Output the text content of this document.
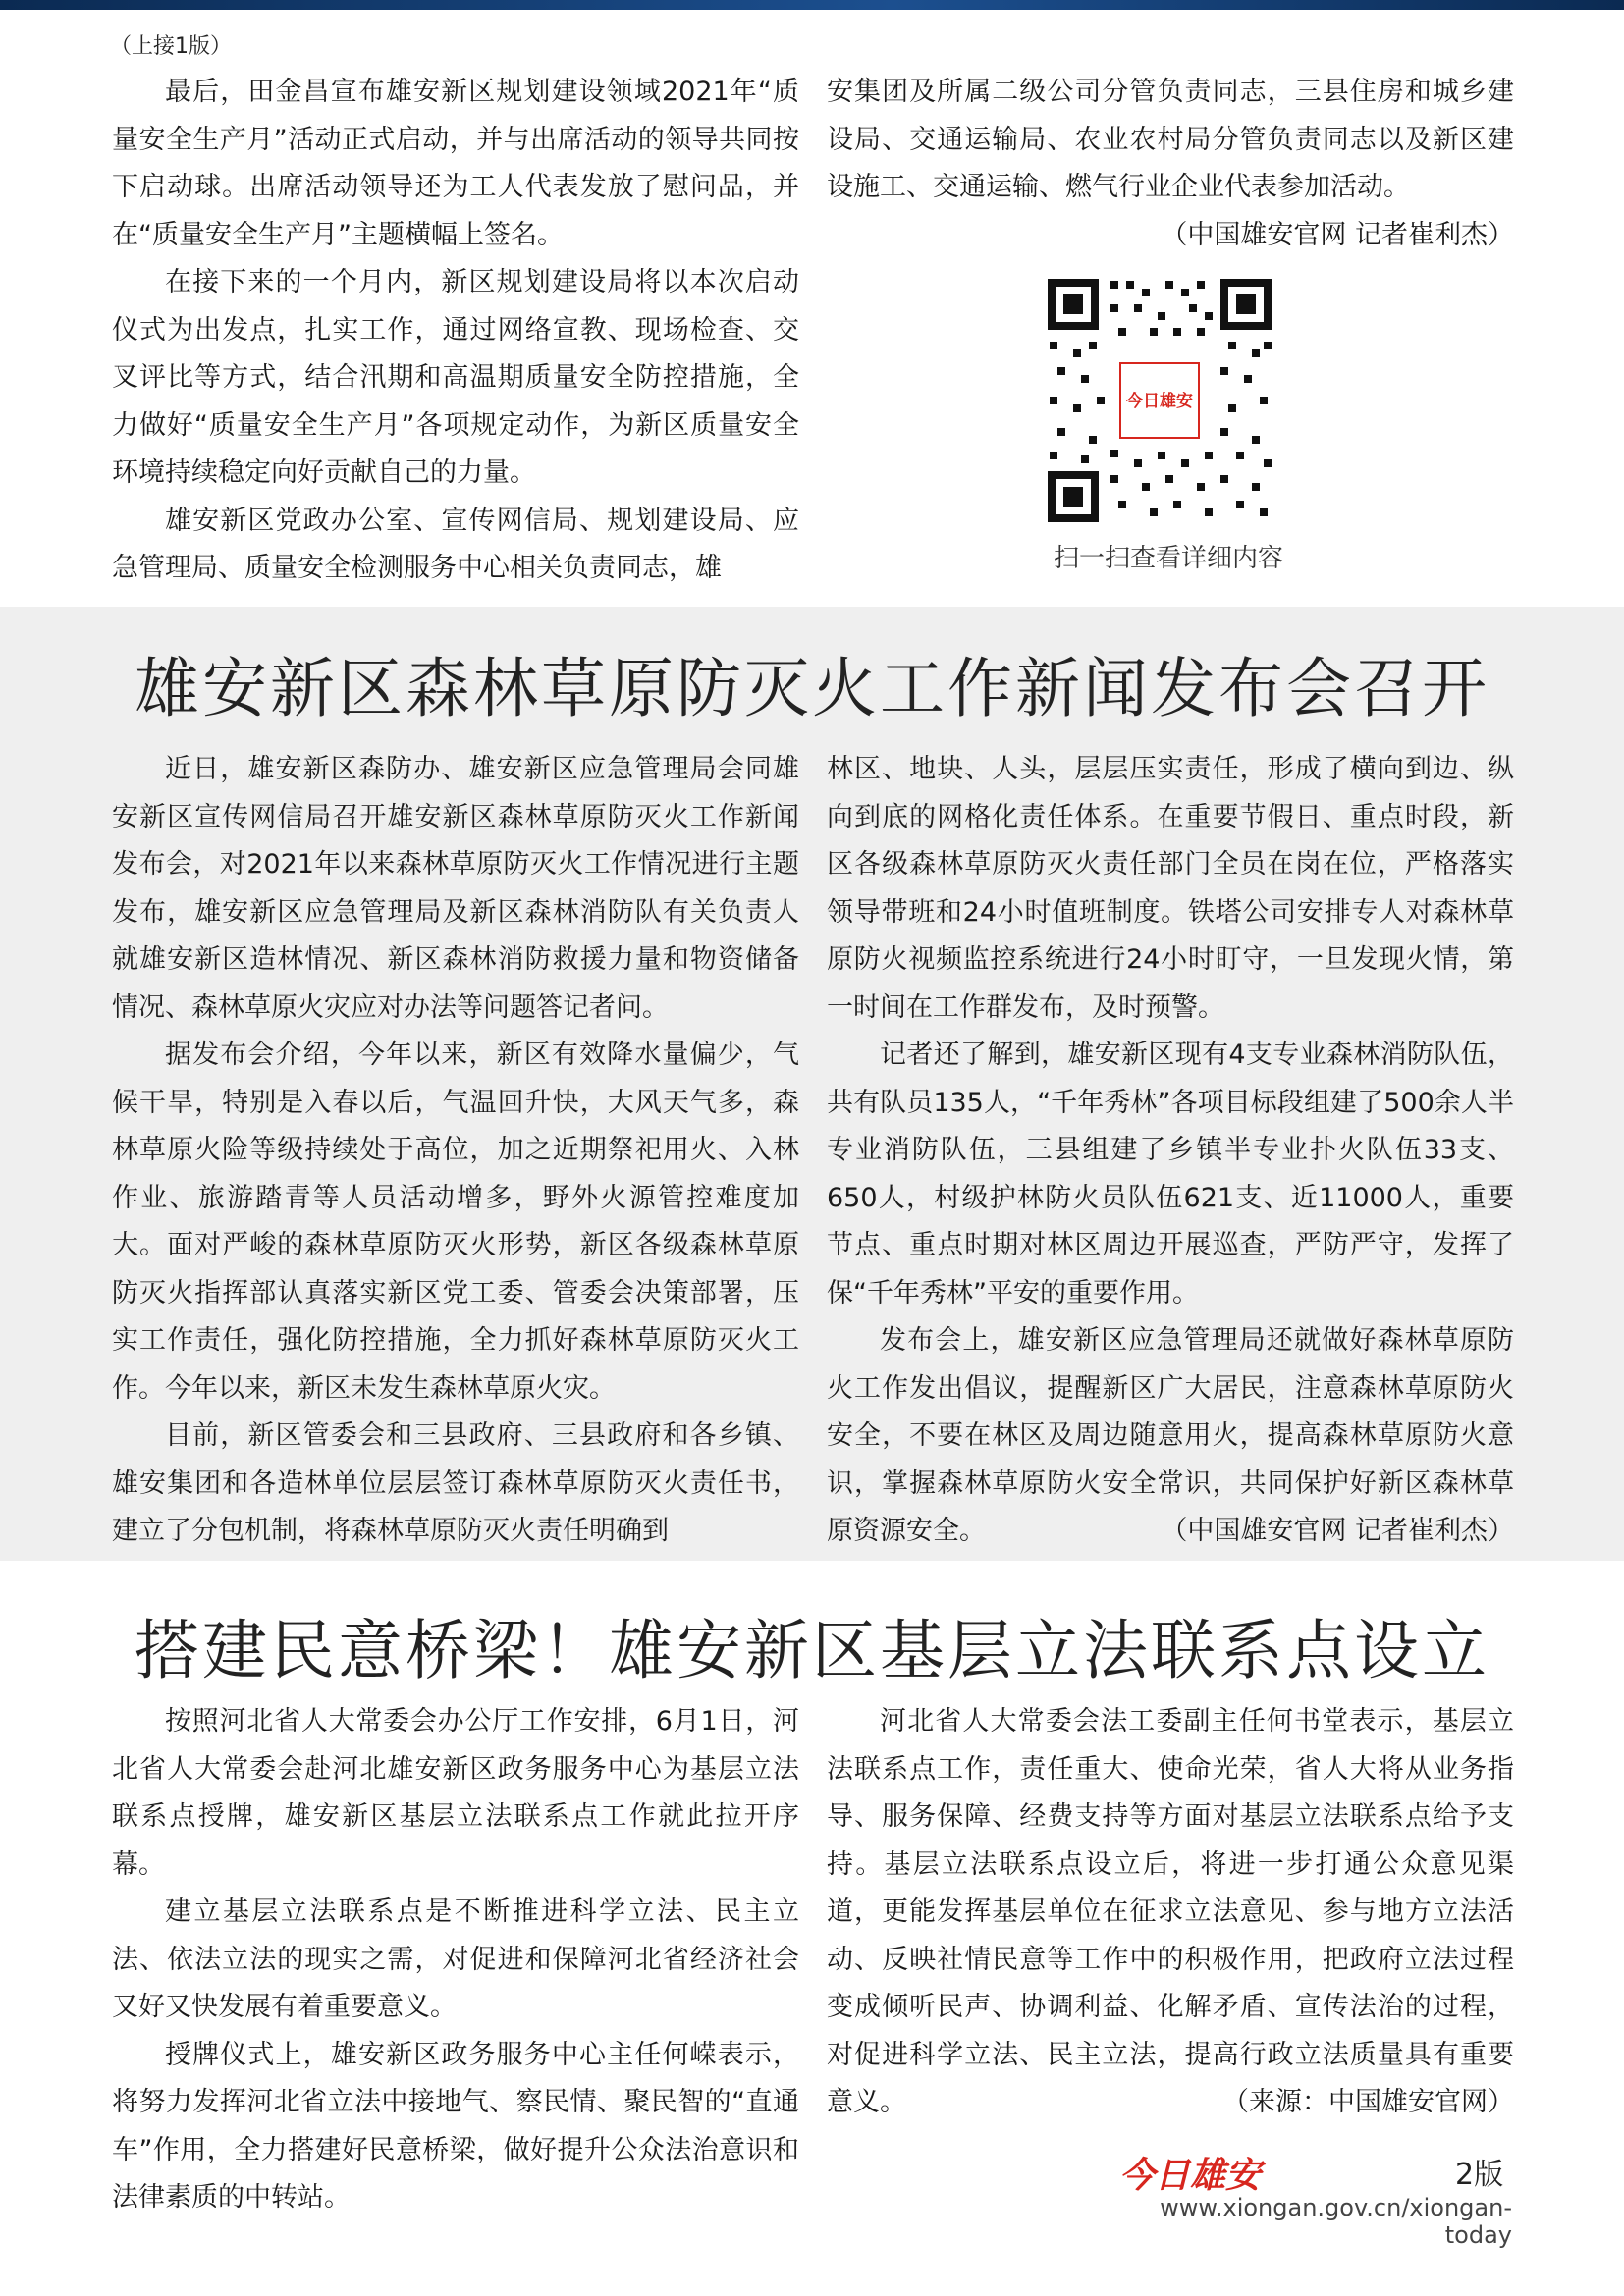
（上接1版）

最后，田金昌宣布雄安新区规划建设领域2021年“质量安全生产月”活动正式启动，并与出席活动的领导共同按下启动球。出席活动领导还为工人代表发放了慰问品，并在“质量安全生产月”主题横幅上签名。

在接下来的一个月内，新区规划建设局将以本次启动仪式为出发点，扎实工作，通过网络宣教、现场检查、交叉评比等方式，结合汛期和高温期质量安全防控措施，全力做好“质量安全生产月”各项规定动作，为新区质量安全环境持续稳定向好贡献自己的力量。

雄安新区党政办公室、宣传网信局、规划建设局、应急管理局、质量安全检测服务中心相关负责同志，雄

安集团及所属二级公司分管负责同志，三县住房和城乡建设局、交通运输局、农业农村局分管负责同志以及新区建设施工、交通运输、燃气行业企业代表参加活动。

（中国雄安官网 记者崔利杰）
今日雄安
扫一扫查看详细内容
雄安新区森林草原防灭火工作新闻发布会召开

近日，雄安新区森防办、雄安新区应急管理局会同雄安新区宣传网信局召开雄安新区森林草原防灭火工作新闻发布会，对2021年以来森林草原防灭火工作情况进行主题发布，雄安新区应急管理局及新区森林消防队有关负责人就雄安新区造林情况、新区森林消防救援力量和物资储备情况、森林草原火灾应对办法等问题答记者问。

据发布会介绍，今年以来，新区有效降水量偏少，气候干旱，特别是入春以后，气温回升快，大风天气多，森林草原火险等级持续处于高位，加之近期祭祀用火、入林作业、旅游踏青等人员活动增多，野外火源管控难度加大。面对严峻的森林草原防灭火形势，新区各级森林草原防灭火指挥部认真落实新区党工委、管委会决策部署，压实工作责任，强化防控措施，全力抓好森林草原防灭火工作。今年以来，新区未发生森林草原火灾。

目前，新区管委会和三县政府、三县政府和各乡镇、雄安集团和各造林单位层层签订森林草原防灭火责任书，建立了分包机制，将森林草原防灭火责任明确到

林区、地块、人头，层层压实责任，形成了横向到边、纵向到底的网格化责任体系。在重要节假日、重点时段，新区各级森林草原防灭火责任部门全员在岗在位，严格落实领导带班和24小时值班制度。铁塔公司安排专人对森林草原防火视频监控系统进行24小时盯守，一旦发现火情，第一时间在工作群发布，及时预警。

记者还了解到，雄安新区现有4支专业森林消防队伍，共有队员135人，“千年秀林”各项目标段组建了500余人半专业消防队伍，三县组建了乡镇半专业扑火队伍33支、650人，村级护林防火员队伍621支、近11000人，重要节点、重点时期对林区周边开展巡查，严防严守，发挥了保“千年秀林”平安的重要作用。

发布会上，雄安新区应急管理局还就做好森林草原防火工作发出倡议，提醒新区广大居民，注意森林草原防火安全，不要在林区及周边随意用火，提高森林草原防火意识，掌握森林草原防火安全常识，共同保护好新区森林草原资源安全。	（中国雄安官网 记者崔利杰）

搭建民意桥梁！雄安新区基层立法联系点设立

按照河北省人大常委会办公厅工作安排，6月1日，河北省人大常委会赴河北雄安新区政务服务中心为基层立法联系点授牌，雄安新区基层立法联系点工作就此拉开序幕。

建立基层立法联系点是不断推进科学立法、民主立法、依法立法的现实之需，对促进和保障河北省经济社会又好又快发展有着重要意义。

授牌仪式上，雄安新区政务服务中心主任何嵘表示，将努力发挥河北省立法中接地气、察民情、聚民智的“直通车”作用，全力搭建好民意桥梁，做好提升公众法治意识和法律素质的中转站。

河北省人大常委会法工委副主任何书堂表示，基层立法联系点工作，责任重大、使命光荣，省人大将从业务指导、服务保障、经费支持等方面对基层立法联系点给予支持。基层立法联系点设立后，将进一步打通公众意见渠道，更能发挥基层单位在征求立法意见、参与地方立法活动、反映社情民意等工作中的积极作用，把政府立法过程变成倾听民声、协调利益、化解矛盾、宣传法治的过程，对促进科学立法、民主立法，提高行政立法质量具有重要意义。	（来源：中国雄安官网）

今日雄安	2版
www.xiongan.gov.cn/xiongan-today
